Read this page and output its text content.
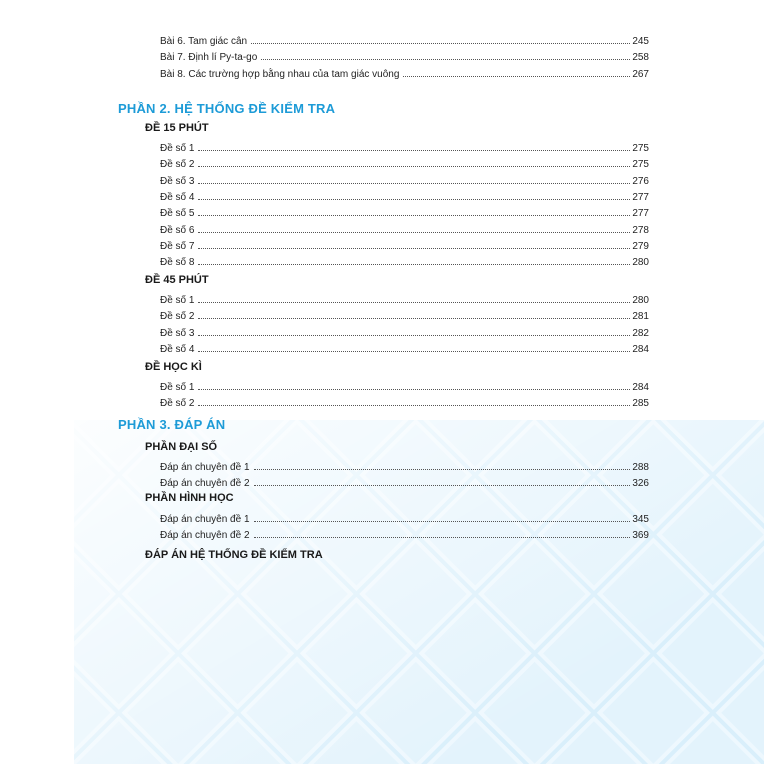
Bài 6. Tam giác cân	245
Bài 7. Định lí Py-ta-go	258
Bài 8. Các trường hợp bằng nhau của tam giác vuông	267
PHẦN 2. HỆ THỐNG ĐỀ KIỂM TRA
ĐỀ 15 PHÚT
Đề số 1	275
Đề số 2	275
Đề số 3	276
Đề số 4	277
Đề số 5	277
Đề số 6	278
Đề số 7	279
Đề số 8	280
ĐỀ 45 PHÚT
Đề số 1	280
Đề số 2	281
Đề số 3	282
Đề số 4	284
ĐỀ HỌC KÌ
Đề số 1	284
Đề số 2	285
PHẦN 3. ĐÁP ÁN
PHẦN ĐẠI SỐ
Đáp án chuyên đề 1	288
Đáp án chuyên đề 2	326
PHẦN HÌNH HỌC
Đáp án chuyên đề 1	345
Đáp án chuyên đề 2	369
ĐÁP ÁN HỆ THỐNG ĐỀ KIỂM TRA
